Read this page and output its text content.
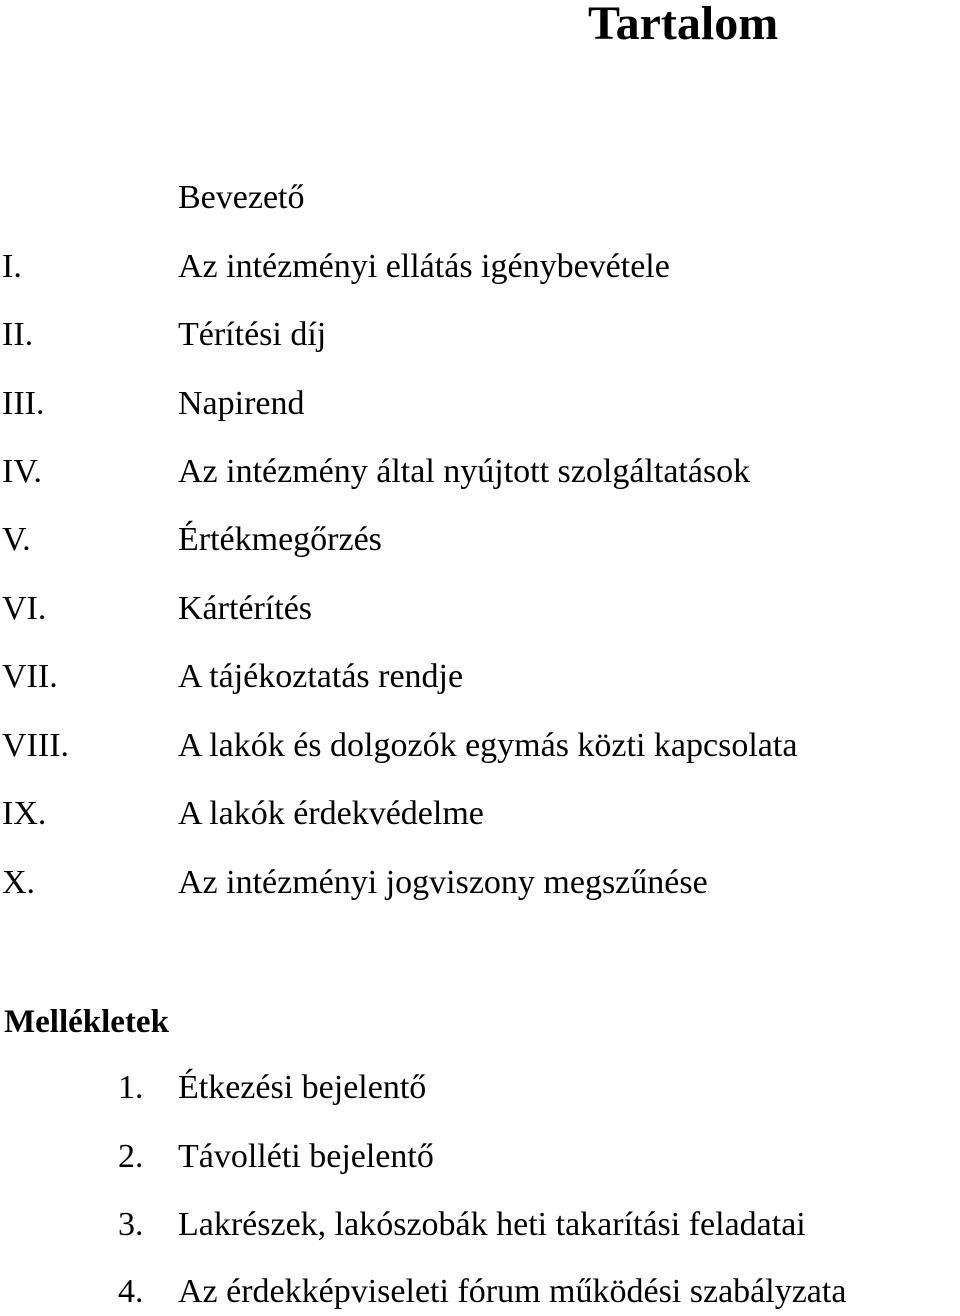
Tartalom
Bevezető
I.	Az intézményi ellátás igénybevétele
II.	Térítési díj
III.	Napirend
IV.	Az intézmény által nyújtott szolgáltatások
V.	Értékmegőrzés
VI.	Kártérítés
VII.	A tájékoztatás rendje
VIII.	A lakók és dolgozók egymás közti kapcsolata
IX.	A lakók érdekvédelme
X.	Az intézményi jogviszony megszűnése
Mellékletek
1. Étkezési bejelentő
2. Távolléti bejelentő
3. Lakrészek, lakószobák heti takarítási feladatai
4. Az érdekképviseleti fórum működési szabályzata
